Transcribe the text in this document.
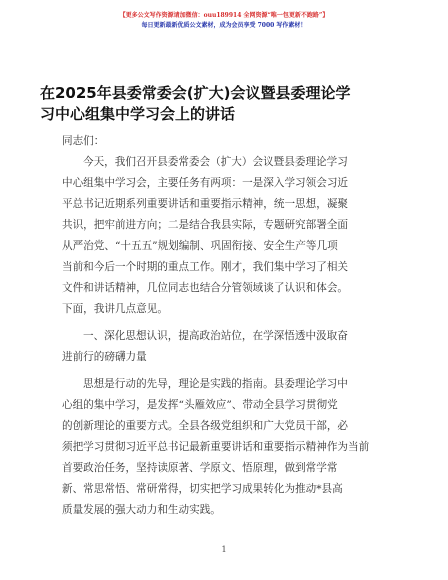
【更多公文写作资源请加微信：ouu189914 全网资源“唯一包更新不跑路”】
每日更新最新优质公文素材，成为会员享受 7000 写作素材！
在2025年县委常委会(扩大)会议暨县委理论学
习中心组集中学习会上的讲话
同志们：
今天，我们召开县委常委会（扩大）会议暨县委理论学习
中心组集中学习会，主要任务有两项：一是深入学习领会习近
平总书记近期系列重要讲话和重要指示精神，统一思想，凝聚
共识，把牢前进方向；二是结合我县实际，专题研究部署全面
从严治党、“十五五”规划编制、巩固衔接、安全生产等几项
当前和今后一个时期的重点工作。刚才，我们集中学习了相关
文件和讲话精神，几位同志也结合分管领域谈了认识和体会。
下面，我讲几点意见。
一、深化思想认识，提高政治站位，在学深悟透中汲取奋
进前行的磅礴力量
思想是行动的先导，理论是实践的指南。县委理论学习中
心组的集中学习，是发挥“头雁效应”、带动全县学习贯彻党
的创新理论的重要方式。全县各级党组织和广大党员干部，必
须把学习贯彻习近平总书记最新重要讲话和重要指示精神作为当前
首要政治任务，坚持读原著、学原文、悟原理，做到常学常
新、常思常悟、常研常得，切实把学习成果转化为推动*县高
质量发展的强大动力和生动实践。
1
